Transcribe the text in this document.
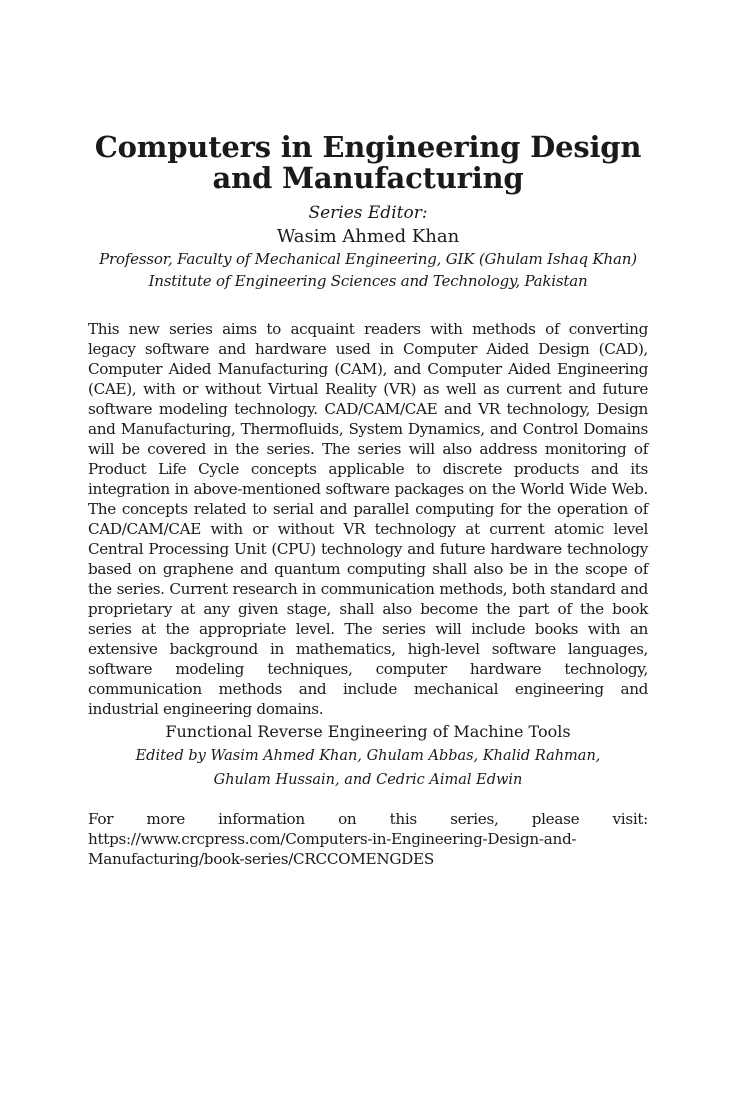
Computers in Engineering Design and Manufacturing
Series Editor:
Wasim Ahmed Khan
Professor, Faculty of Mechanical Engineering, GIK (Ghulam Ishaq Khan)
Institute of Engineering Sciences and Technology, Pakistan

This new series aims to acquaint readers with methods of converting legacy software and hardware used in Computer Aided Design (CAD), Computer Aided Manufacturing (CAM), and Computer Aided Engineering (CAE), with or without Virtual Reality (VR) as well as current and future software modeling technology. CAD/CAM/CAE and VR technology, Design and Manufacturing, Thermofluids, System Dynamics, and Control Domains will be covered in the series. The series will also address monitoring of Product Life Cycle concepts applicable to discrete products and its integration in above-mentioned software packages on the World Wide Web. The concepts related to serial and parallel computing for the operation of CAD/CAM/CAE with or without VR technology at current atomic level Central Processing Unit (CPU) technology and future hardware technology based on graphene and quantum computing shall also be in the scope of the series. Current research in communication methods, both standard and proprietary at any given stage, shall also become the part of the book series at the appropriate level. The series will include books with an extensive background in mathematics, high-level software languages, software modeling techniques, computer hardware technology, communication methods and include mechanical engineering and industrial engineering domains.

Functional Reverse Engineering of Machine Tools
Edited by Wasim Ahmed Khan, Ghulam Abbas, Khalid Rahman,
Ghulam Hussain, and Cedric Aimal Edwin

For more information on this series, please visit: https://www.crcpress.com/Computers-in-Engineering-Design-and-Manufacturing/book-series/CRCCOMENGDES
